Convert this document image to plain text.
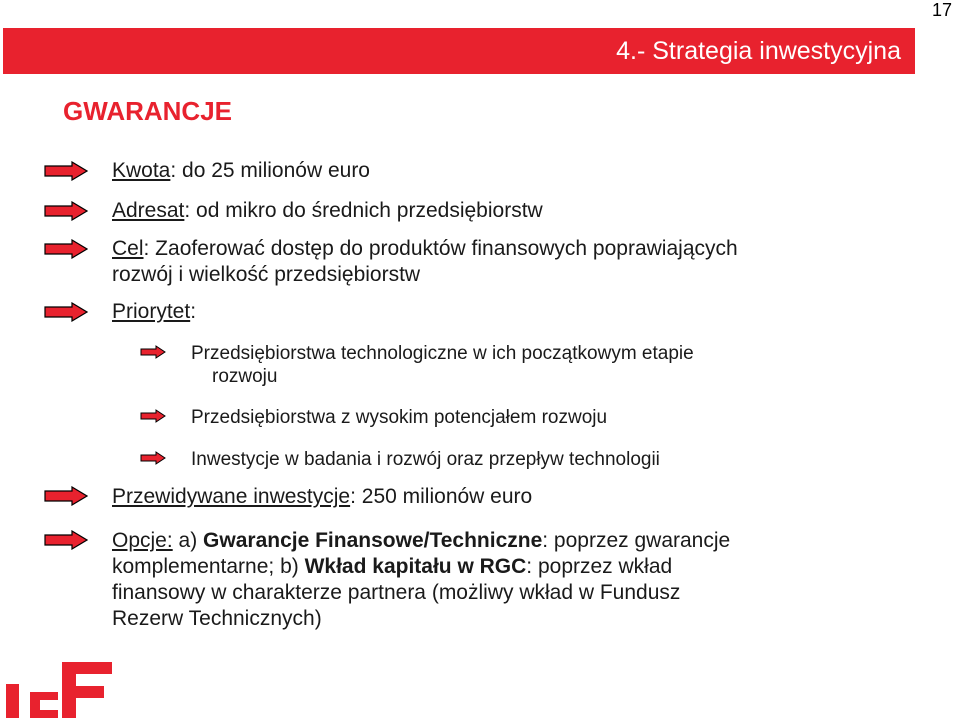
17
4.- Strategia inwestycyjna
GWARANCJE
Kwota: do 25 milionów euro
Adresat: od mikro do średnich przedsiębiorstw
Cel: Zaoferować dostęp do produktów finansowych poprawiających
rozwój i wielkość przedsiębiorstw
Priorytet:
Przedsiębiorstwa technologiczne w ich początkowym etapie
rozwoju
Przedsiębiorstwa z wysokim potencjałem rozwoju
Inwestycje w badania i rozwój oraz przepływ technologii
Przewidywane inwestycje: 250 milionów euro
Opcje: a) Gwarancje Finansowe/Techniczne: poprzez gwarancje
komplementarne; b) Wkład kapitału w RGC: poprzez wkład
finansowy w charakterze partnera (możliwy wkład w Fundusz
Rezerw Technicznych)
